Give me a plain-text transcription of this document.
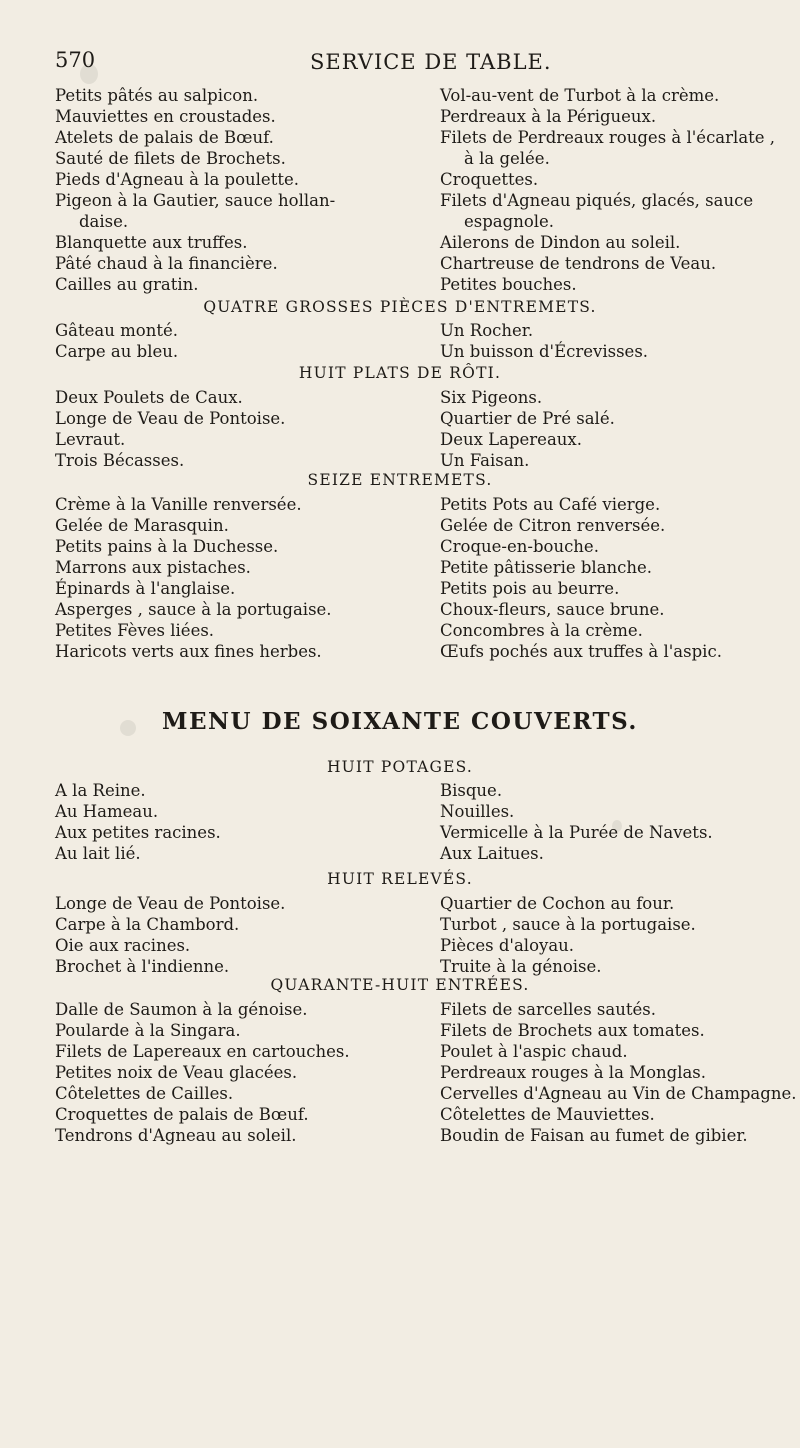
570	SERVICE DE TABLE.
Petits pâtés au salpicon.
Mauviettes en croustades.
Atelets de palais de Bœuf.
Sauté de filets de Brochets.
Pieds d'Agneau à la poulette.
Pigeon à la Gautier, sauce hollan-
daise.
Blanquette aux truffes.
Pâté chaud à la financière.
Cailles au gratin.
Vol-au-vent de Turbot à la crème.
Perdreaux à la Périgueux.
Filets de Perdreaux rouges à l'écarlate ,
à la gelée.
Croquettes.
Filets d'Agneau piqués, glacés, sauce
espagnole.
Ailerons de Dindon au soleil.
Chartreuse de tendrons de Veau.
Petites bouches.
QUATRE GROSSES PIÈCES D'ENTREMETS.
Gâteau monté.
Carpe au bleu.
Un Rocher.
Un buisson d'Écrevisses.
HUIT PLATS DE RÔTI.
Deux Poulets de Caux.
Longe de Veau de Pontoise.
Levraut.
Trois Bécasses.
Six Pigeons.
Quartier de Pré salé.
Deux Lapereaux.
Un Faisan.
SEIZE ENTREMETS.
Crème à la Vanille renversée.
Gelée de Marasquin.
Petits pains à la Duchesse.
Marrons aux pistaches.
Épinards à l'anglaise.
Asperges , sauce à la portugaise.
Petites Fèves liées.
Haricots verts aux fines herbes.
Petits Pots au Café vierge.
Gelée de Citron renversée.
Croque-en-bouche.
Petite pâtisserie blanche.
Petits pois au beurre.
Choux-fleurs, sauce brune.
Concombres à la crème.
Œufs pochés aux truffes à l'aspic.
MENU DE SOIXANTE COUVERTS.
HUIT POTAGES.
A la Reine.
Au Hameau.
Aux petites racines.
Au lait lié.
Bisque.
Nouilles.
Vermicelle à la Purée de Navets.
Aux Laitues.
HUIT RELEVÉS.
Longe de Veau de Pontoise.
Carpe à la Chambord.
Oie aux racines.
Brochet à l'indienne.
Quartier de Cochon au four.
Turbot , sauce à la portugaise.
Pièces d'aloyau.
Truite à la génoise.
QUARANTE-HUIT ENTRÉES.
Dalle de Saumon à la génoise.
Poularde à la Singara.
Filets de Lapereaux en cartouches.
Petites noix de Veau glacées.
Côtelettes de Cailles.
Croquettes de palais de Bœuf.
Tendrons d'Agneau au soleil.
Filets de sarcelles sautés.
Filets de Brochets aux tomates.
Poulet à l'aspic chaud.
Perdreaux rouges à la Monglas.
Cervelles d'Agneau au Vin de Champagne.
Côtelettes de Mauviettes.
Boudin de Faisan au fumet de gibier.
